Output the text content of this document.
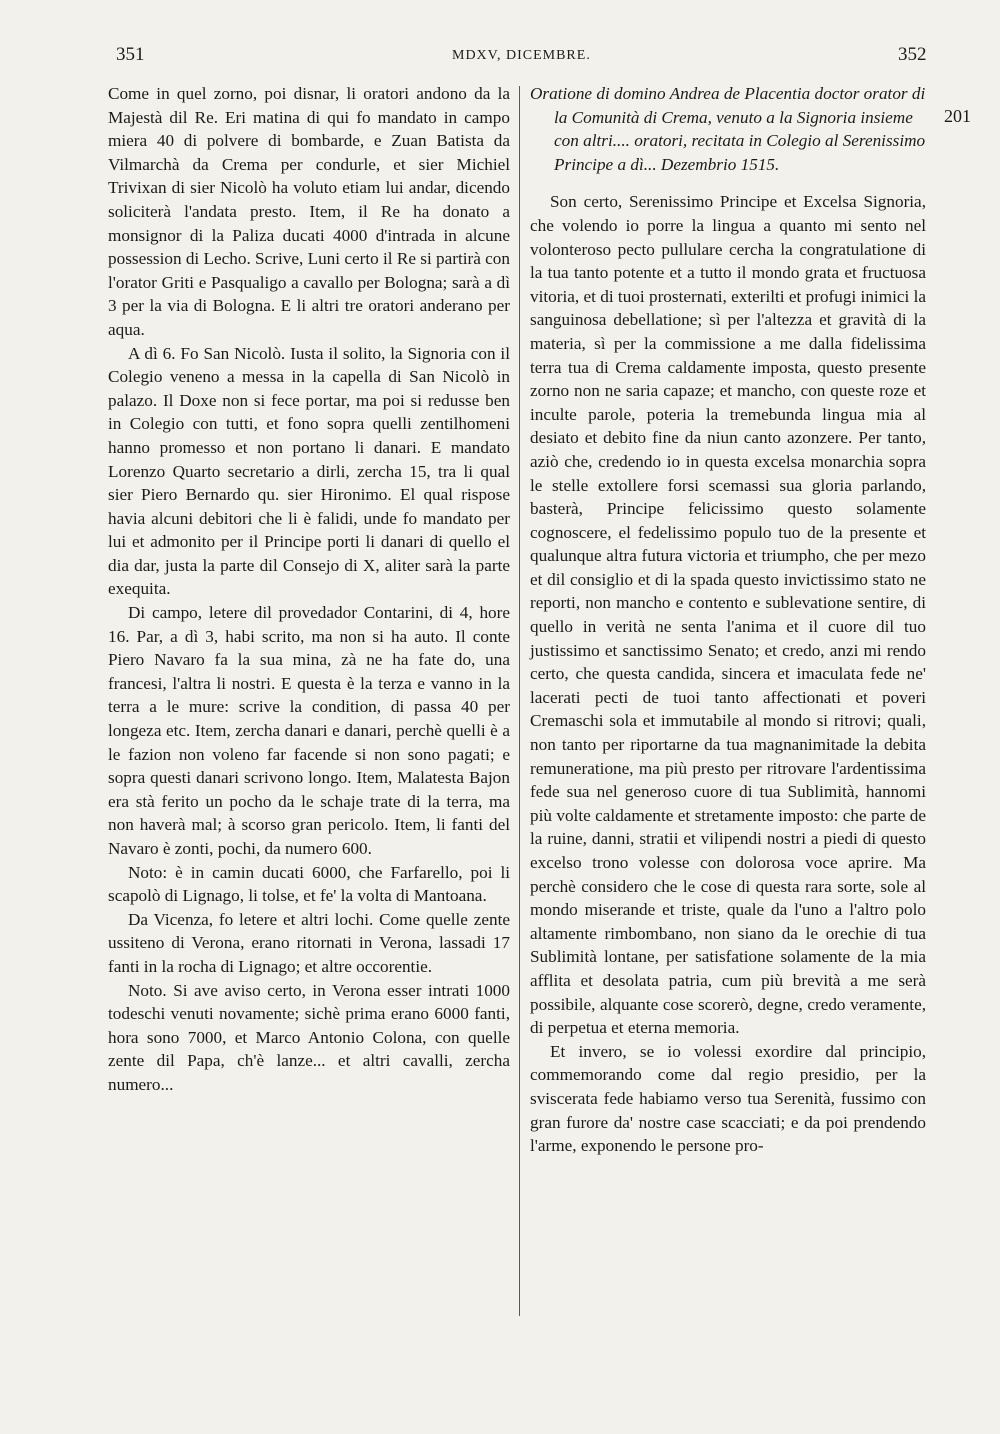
351	MDXV, DICEMBRE.	352

Come in quel zorno, poi disnar, li oratori andono da la Majestà dil Re. Eri matina di qui fo mandato in campo miera 40 di polvere di bombarde, e Zuan Batista da Vilmarchà da Crema per condurle, et sier Michiel Trivixan di sier Nicolò ha voluto etiam lui andar, dicendo soliciterà l'andata presto. Item, il Re ha donato a monsignor di la Paliza ducati 4000 d'intrada in alcune possession di Lecho. Scrive, Luni certo il Re si partirà con l'orator Griti e Pasqualigo a cavallo per Bologna; sarà a dì 3 per la via di Bologna. E li altri tre oratori anderano per aqua.

A dì 6. Fo San Nicolò. Iusta il solito, la Signoria con il Colegio veneno a messa in la capella di San Nicolò in palazo. Il Doxe non si fece portar, ma poi si redusse ben in Colegio con tutti, et fono sopra quelli zentilhomeni hanno promesso et non portano li danari. E mandato Lorenzo Quarto secretario a dirli, zercha 15, tra li qual sier Piero Bernardo qu. sier Hironimo. El qual rispose havia alcuni debitori che li è falidi, unde fo mandato per lui et admonito per il Principe porti li danari di quello el dia dar, justa la parte dil Consejo di X, aliter sarà la parte exequita.

Di campo, letere dil provedador Contarini, di 4, hore 16. Par, a dì 3, habi scrito, ma non si ha auto. Il conte Piero Navaro fa la sua mina, zà ne ha fate do, una francesi, l'altra li nostri. E questa è la terza e vanno in la terra a le mure: scrive la condition, di passa 40 per longeza etc. Item, zercha danari e danari, perchè quelli è a le fazion non voleno far facende si non sono pagati; e sopra questi danari scrivono longo. Item, Malatesta Bajon era stà ferito un pocho da le schaje trate di la terra, ma non haverà mal; à scorso gran pericolo. Item, li fanti del Navaro è zonti, pochi, da numero 600.

Noto: è in camin ducati 6000, che Farfarello, poi li scapolò di Lignago, li tolse, et fe' la volta di Mantoana.

Da Vicenza, fo letere et altri lochi. Come quelle zente ussiteno di Verona, erano ritornati in Verona, lassadi 17 fanti in la rocha di Lignago; et altre occorentie.

Noto. Si ave aviso certo, in Verona esser intrati 1000 todeschi venuti novamente; sichè prima erano 6000 fanti, hora sono 7000, et Marco Antonio Colona, con quelle zente dil Papa, ch'è lanze... et altri cavalli, zercha numero...

Oratione di domino Andrea de Placentia doctor orator di la Comunità di Crema, venuto a la Signoria insieme con altri.... oratori, recitata in Colegio al Serenissimo Principe a dì... Dezembrio 1515.

Son certo, Serenissimo Principe et Excelsa Signoria, che volendo io porre la lingua a quanto mi sento nel volonteroso pecto pullulare cercha la congratulatione di la tua tanto potente et a tutto il mondo grata et fructuosa vitoria, et di tuoi prosternati, exterilti et profugi inimici la sanguinosa debellatione; sì per l'altezza et gravità di la materia, sì per la commissione a me dalla fidelissima terra tua di Crema caldamente imposta, questo presente zorno non ne saria capaze; et mancho, con queste roze et inculte parole, poteria la tremebunda lingua mia al desiato et debito fine da niun canto azonzere. Per tanto, aziò che, credendo io in questa excelsa monarchia sopra le stelle extollere forsi scemassi sua gloria parlando, basterà, Principe felicissimo questo solamente cognoscere, el fedelissimo populo tuo de la presente et qualunque altra futura victoria et triumpho, che per mezo et dil consiglio et di la spada questo invictissimo stato ne reporti, non mancho e contento e sublevatione sentire, di quello in verità ne senta l'anima et il cuore dil tuo justissimo et sanctissimo Senato; et credo, anzi mi rendo certo, che questa candida, sincera et imaculata fede ne' lacerati pecti de tuoi tanto affectionati et poveri Cremaschi sola et immutabile al mondo si ritrovi; quali, non tanto per riportarne da tua magnanimitade la debita remuneratione, ma più presto per ritrovare l'ardentissima fede sua nel generoso cuore di tua Sublimità, hannomi più volte caldamente et stretamente imposto: che parte de la ruine, danni, stratii et vilipendi nostri a piedi di questo excelso trono volesse con dolorosa voce aprire. Ma perchè considero che le cose di questa rara sorte, sole al mondo miserande et triste, quale da l'uno a l'altro polo altamente rimbombano, non siano da le orechie di tua Sublimità lontane, per satisfatione solamente de la mia afflita et desolata patria, cum più brevità a me serà possibile, alquante cose scorerò, degne, credo veramente, di perpetua et eterna memoria.

Et invero, se io volessi exordire dal principio, commemorando come dal regio presidio, per la sviscerata fede habiamo verso tua Serenità, fussimo con gran furore da' nostre case scacciati; e da poi prendendo l'arme, exponendo le persone pro-

201
